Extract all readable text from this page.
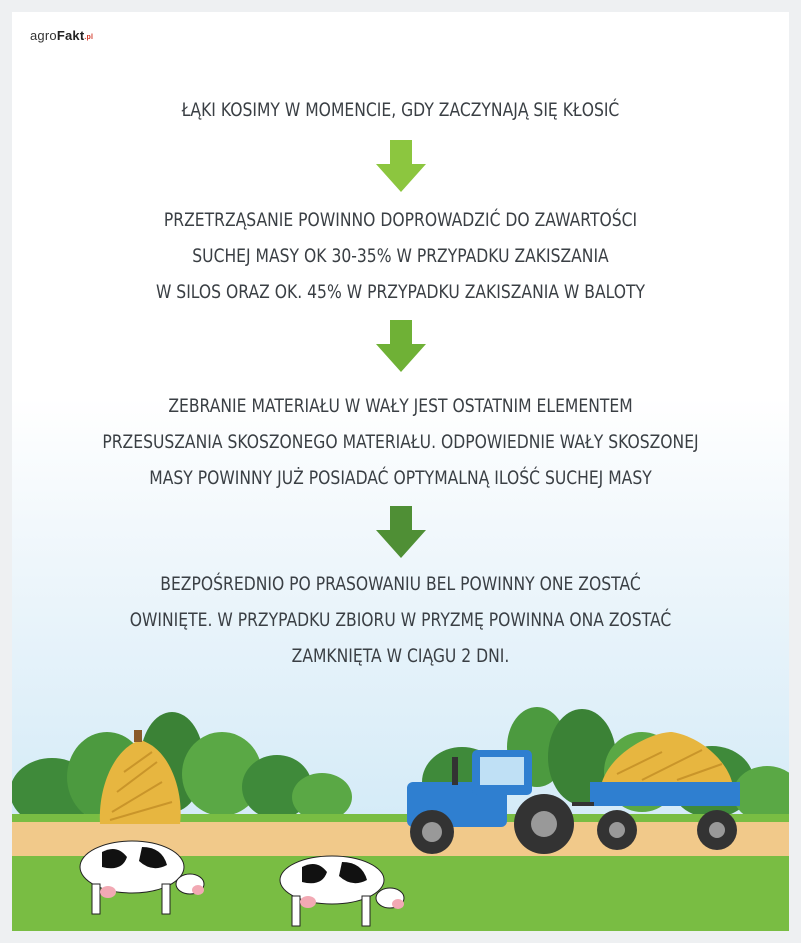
agroFakt.pl
ŁĄKI KOSIMY W MOMENCIE, GDY ZACZYNAJĄ SIĘ KŁOSIĆ
PRZETRZĄSANIE POWINNO DOPROWADZIĆ DO ZAWARTOŚCI
SUCHEJ MASY OK 30-35% W PRZYPADKU ZAKISZANIA
W SILOS ORAZ OK. 45% W PRZYPADKU ZAKISZANIA W BALOTY
ZEBRANIE MATERIAŁU W WAŁY JEST OSTATNIM ELEMENTEM
PRZESUSZANIA SKOSZONEGO MATERIAŁU. ODPOWIEDNIE WAŁY SKOSZONEJ
MASY POWINNY JUŻ POSIADAĆ OPTYMALNĄ ILOŚĆ SUCHEJ MASY
BEZPOŚREDNIO PO PRASOWANIU BEL POWINNY ONE ZOSTAĆ
OWINIĘTE. W PRZYPADKU ZBIORU W PRYZMĘ POWINNA ONA ZOSTAĆ
ZAMKNIĘTA W CIĄGU 2 DNI.
